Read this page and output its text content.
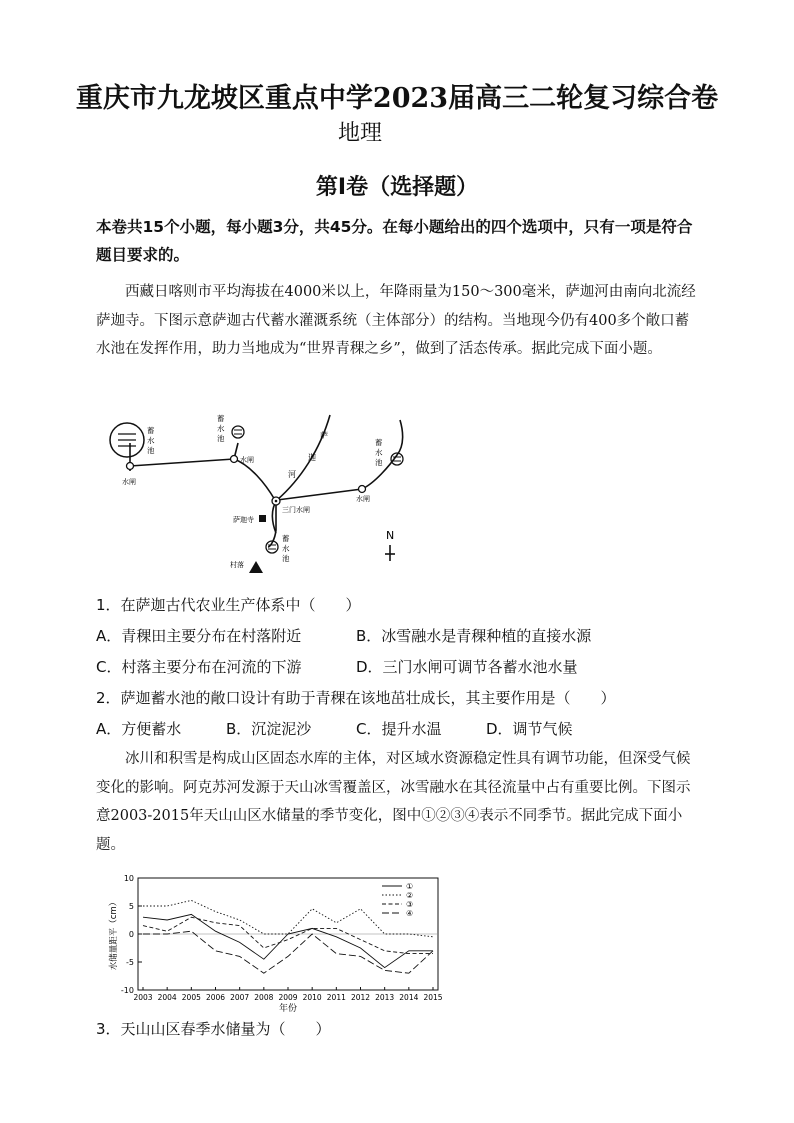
重庆市九龙坡区重点中学2023届高三二轮复习综合卷
地理
第Ⅰ卷（选择题）
本卷共15个小题，每小题3分，共45分。在每小题给出的四个选项中，只有一项是符合题目要求的。
西藏日喀则市平均海拔在4000米以上，年降雨量为150～300毫米，萨迦河由南向北流经萨迦寺。下图示意萨迦古代蓄水灌溉系统（主体部分）的结构。当地现今仍有400多个敞口蓄水池在发挥作用，助力当地成为“世界青稞之乡”，做到了活态传承。据此完成下面小题。
N
蓄
水
池
蓄
水
池	蓄
水
池
蓄
水
池
水闸
水闸
水闸
三门水闸
萨迦寺
村落
萨
迦
河
1．在萨迦古代农业生产体系中（　　）
A．青稞田主要分布在村落附近	B．冰雪融水是青稞种植的直接水源
C．村落主要分布在河流的下游	D．三门水闸可调节各蓄水池水量
2．萨迦蓄水池的敞口设计有助于青稞在该地茁壮成长，其主要作用是（　　）
A．方便蓄水	B．沉淀泥沙	C．提升水温	D．调节气候
冰川和积雪是构成山区固态水库的主体，对区域水资源稳定性具有调节功能，但深受气候变化的影响。阿克苏河发源于天山冰雪覆盖区，冰雪融水在其径流量中占有重要比例。下图示意2003-2015年天山山区水储量的季节变化，图中①②③④表示不同季节。据此完成下面小题。
-10
-5
0
5
10
2003 2004 2005 2006 2007 2008 2009 2010 2011 2012 2013 2014 2015
①
②
③
④
年份
水储量距平（cm）
3．天山山区春季水储量为（　　）
